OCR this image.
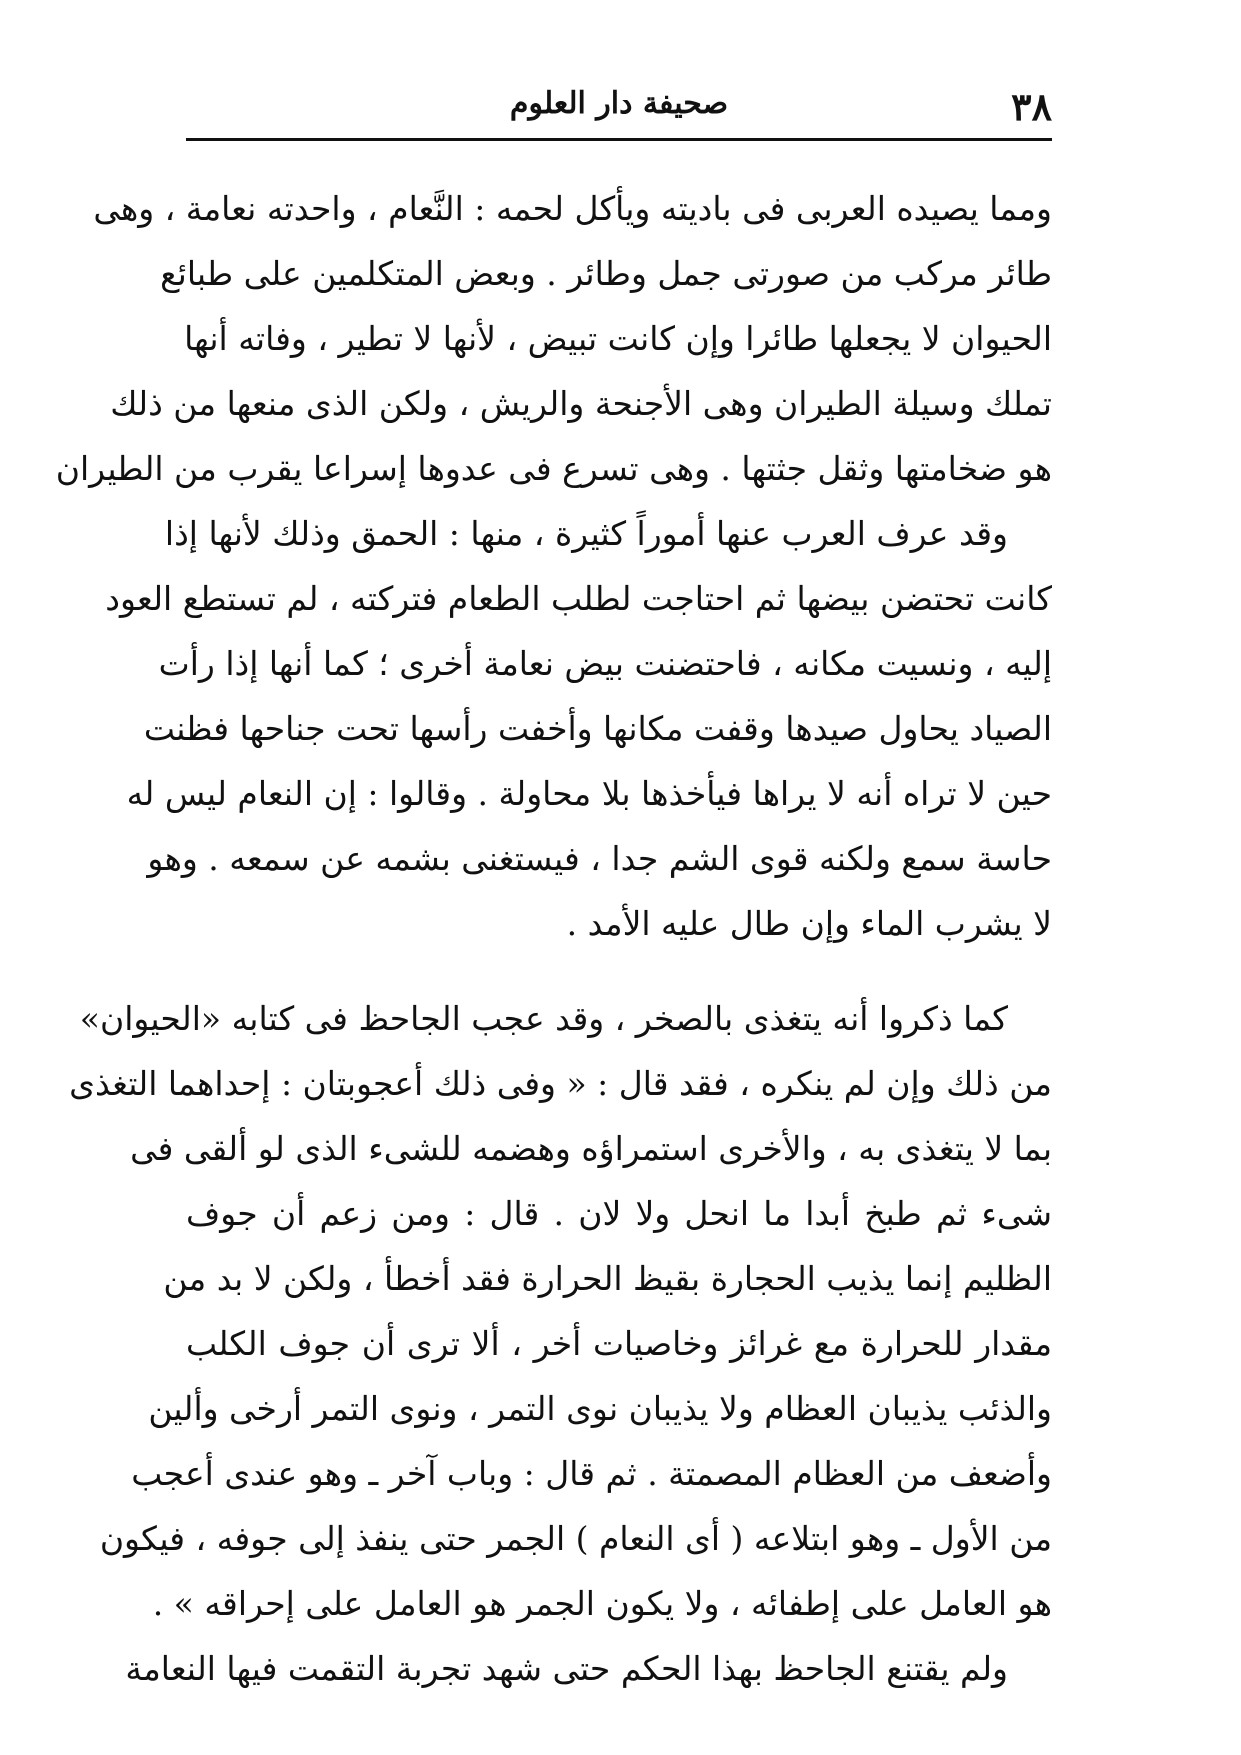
٣٨
صحيفة دار العلوم
ومما يصيده العربى فى باديته ويأكل لحمه : النَّعام ، واحدته نعامة ، وهى
طائر مركب من صورتى جمل وطائر . وبعض المتكلمين على طبائع
الحيوان لا يجعلها طائرا وإن كانت تبيض ، لأنها لا تطير ، وفاته أنها
تملك وسيلة الطيران وهى الأجنحة والريش ، ولكن الذى منعها من ذلك
هو ضخامتها وثقل جثتها . وهى تسرع فى عدوها إسراعا يقرب من الطيران
وقد عرف العرب عنها أموراً كثيرة ، منها : الحمق وذلك لأنها إذا
كانت تحتضن بيضها ثم احتاجت لطلب الطعام فتركته ، لم تستطع العود
إليه ، ونسيت مكانه ، فاحتضنت بيض نعامة أخرى ؛ كما أنها إذا رأت
الصياد يحاول صيدها وقفت مكانها وأخفت رأسها تحت جناحها فظنت
حين لا تراه أنه لا يراها فيأخذها بلا محاولة . وقالوا : إن النعام ليس له
حاسة سمع ولكنه قوى الشم جدا ، فيستغنى بشمه عن سمعه . وهو
لا يشرب الماء وإن طال عليه الأمد .
كما ذكروا أنه يتغذى بالصخر ، وقد عجب الجاحظ فى كتابه «الحيوان»
من ذلك وإن لم ينكره ، فقد قال : « وفى ذلك أعجوبتان : إحداهما التغذى
بما لا يتغذى به ، والأخرى استمراؤه وهضمه للشىء الذى لو ألقى فى
شىء ثم طبخ أبدا ما انحل ولا لان . قال : ومن زعم أن جوف
الظليم إنما يذيب الحجارة بقيظ الحرارة فقد أخطأ ، ولكن لا بد من
مقدار للحرارة مع غرائز وخاصيات أخر ، ألا ترى أن جوف الكلب
والذئب يذيبان العظام ولا يذيبان نوى التمر ، ونوى التمر أرخى وألين
وأضعف من العظام المصمتة . ثم قال : وباب آخر ـ وهو عندى أعجب
من الأول ـ وهو ابتلاعه ( أى النعام ) الجمر حتى ينفذ إلى جوفه ، فيكون
هو العامل على إطفائه ، ولا يكون الجمر هو العامل على إحراقه » .
ولم يقتنع الجاحظ بهذا الحكم حتى شهد تجربة التقمت فيها النعامة
